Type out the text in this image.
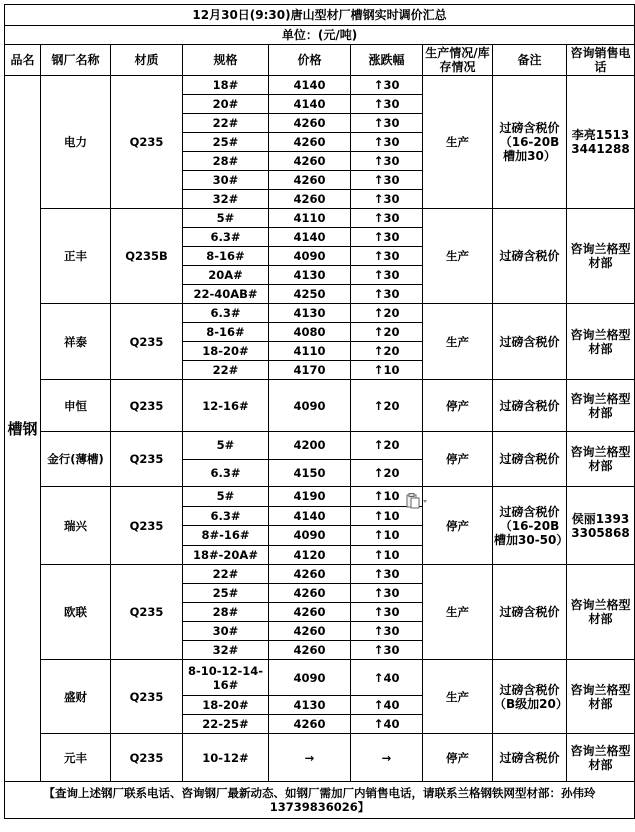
12月30日(9:30)唐山型材厂槽钢实时调价汇总								
单位：(元/吨)								
品名	钢厂名称	材质	规格	价格	涨跌幅	生产情况/库存情况	备注	咨询销售电话
槽钢	电力	Q235	18#	4140	↑30	生产	过磅含税价（16-20B槽加30）	李亮15133441288
			20#	4140	↑30			
			22#	4260	↑30			
			25#	4260	↑30			
			28#	4260	↑30			
			30#	4260	↑30			
			32#	4260	↑30			
	正丰	Q235B	5#	4110	↑30	生产	过磅含税价	咨询兰格型材部
			6.3#	4140	↑30			
			8-16#	4090	↑30			
			20A#	4130	↑30			
			22-40AB#	4250	↑30			
	祥泰	Q235	6.3#	4130	↑20	生产	过磅含税价	咨询兰格型材部
			8-16#	4080	↑20			
			18-20#	4110	↑20			
			22#	4170	↑10			
	申恒	Q235	12-16#	4090	↑20	停产	过磅含税价	咨询兰格型材部
	金行(薄槽)	Q235	5#	4200	↑20	停产	过磅含税价	咨询兰格型材部
			6.3#	4150	↑20			
	瑞兴	Q235	5#	4190	↑10	停产	过磅含税价（16-20B槽加30-50）	侯丽13933305868
			6.3#	4140	↑10			
			8#-16#	4090	↑10			
			18#-20A#	4120	↑10			
	欧联	Q235	22#	4260	↑30	生产	过磅含税价	咨询兰格型材部
			25#	4260	↑30			
			28#	4260	↑30			
			30#	4260	↑30			
			32#	4260	↑30			
	盛财	Q235	8-10-12-14-16#	4090	↑40	生产	过磅含税价（B级加20）	咨询兰格型材部
			18-20#	4130	↑40			
			22-25#	4260	↑40			
	元丰	Q235	10-12#	→	→	停产	过磅含税价	咨询兰格型材部
【查询上述钢厂联系电话、咨询钢厂最新动态、如钢厂需加厂内销售电话，请联系兰格钢铁网型材部：孙伟玲13739836026】								
